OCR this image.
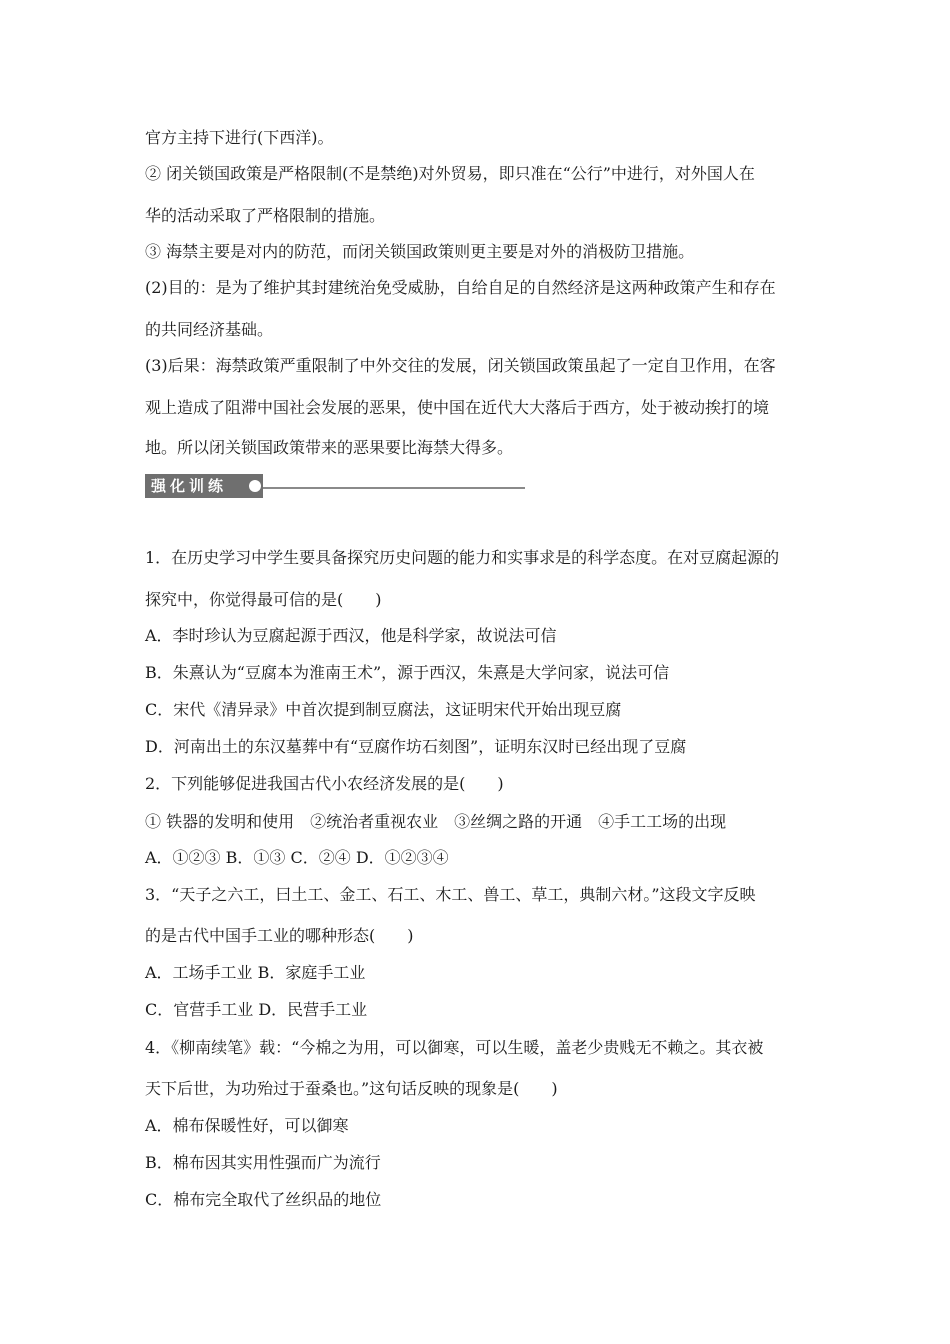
官方主持下进行(下西洋)。
② 闭关锁国政策是严格限制(不是禁绝)对外贸易，即只准在“公行”中进行，对外国人在
华的活动采取了严格限制的措施。
③ 海禁主要是对内的防范，而闭关锁国政策则更主要是对外的消极防卫措施。
(2)目的：是为了维护其封建统治免受威胁，自给自足的自然经济是这两种政策产生和存在
的共同经济基础。
(3)后果：海禁政策严重限制了中外交往的发展，闭关锁国政策虽起了一定自卫作用，在客
观上造成了阻滞中国社会发展的恶果，使中国在近代大大落后于西方，处于被动挨打的境
地。所以闭关锁国政策带来的恶果要比海禁大得多。
强化训练
1．在历史学习中学生要具备探究历史问题的能力和实事求是的科学态度。在对豆腐起源的
探究中，你觉得最可信的是(　　)
A．李时珍认为豆腐起源于西汉，他是科学家，故说法可信
B．朱熹认为“豆腐本为淮南王术”，源于西汉，朱熹是大学问家，说法可信
C．宋代《清异录》中首次提到制豆腐法，这证明宋代开始出现豆腐
D．河南出土的东汉墓葬中有“豆腐作坊石刻图”，证明东汉时已经出现了豆腐
2．下列能够促进我国古代小农经济发展的是(　　)
① 铁器的发明和使用　②统治者重视农业　③丝绸之路的开通　④手工工场的出现
A．①②③ B．①③ C．②④ D．①②③④
3．“天子之六工，曰土工、金工、石工、木工、兽工、草工，典制六材。”这段文字反映
的是古代中国手工业的哪种形态(　　)
A．工场手工业 B．家庭手工业
C．官营手工业 D．民营手工业
4．《柳南续笔》载：“今棉之为用，可以御寒，可以生暖，盖老少贵贱无不赖之。其衣被
天下后世，为功殆过于蚕桑也。”这句话反映的现象是(　　)
A．棉布保暖性好，可以御寒
B．棉布因其实用性强而广为流行
C．棉布完全取代了丝织品的地位
